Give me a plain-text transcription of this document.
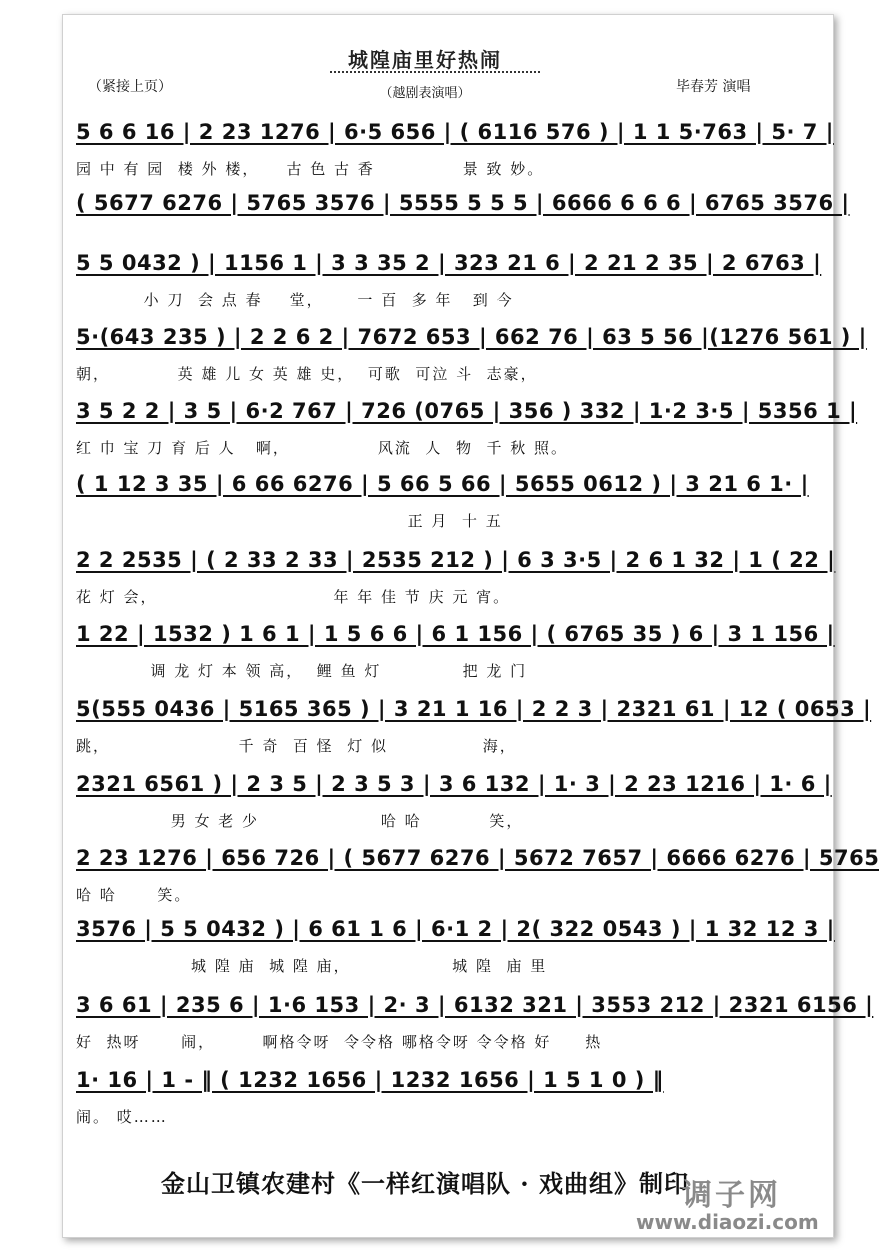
城隍庙里好热闹
（越剧表演唱）
（紧接上页）	毕春芳 演唱
5 6 6 16 | 2 23 1276 | 6·5 656 | ( 6116 576 ) | 1 1 5·763 | 5· 7 |
园 中 有 园  楼 外 楼，    古 色 古 香             景 致 妙。
( 5677 6276 | 5765 3576 | 5555 5 5 5 | 6666 6 6 6 | 6765 3576 |
5 5 0432 ) | 1156 1 | 3 3 35 2 | 323 21 6 | 2 21 2 35 | 2 6763 |
小 刀  会 点 春    堂，     一 百  多 年   到 今
5·(643 235 ) | 2 2 6 2 | 7672 653 | 662 76 | 63 5 56 |(1276 561 ) |
朝，          英 雄 儿 女 英 雄 史，  可歌  可泣 斗  志豪，
3 5 2 2 | 3 5 | 6·2 767 | 726 (0765 | 356 ) 332 | 1·2 3·5 | 5356 1 |
红 巾 宝 刀 育 后 人   啊，             风流  人  物  千 秋 照。
( 1 12 3 35 | 6 66 6276 | 5 66 5 66 | 5655 0612 ) | 3 21 6 1· |
正 月  十 五
2 2 2535 | ( 2 33 2 33 | 2535 212 ) | 6 3 3·5 | 2 6 1 32 | 1 ( 22 |
花 灯 会，                          年 年 佳 节 庆 元 宵。
1 22 | 1532 ) 1 6 1 | 1 5 6 6 | 6 1 156 | ( 6765 35 ) 6 | 3 1 156 |
调 龙 灯 本 领 高，  鲤 鱼 灯            把 龙 门
5(555 0436 | 5165 365 ) | 3 21 1 16 | 2 2 3 | 2321 61 | 12 ( 0653 |
跳，                   千 奇  百 怪  灯 似              海，
2321 6561 ) | 2 3 5 | 2 3 5 3 | 3 6 132 | 1· 3 | 2 23 1216 | 1· 6 |
男 女 老 少                  哈 哈          笑，
2 23 1276 | 656 726 | ( 5677 6276 | 5672 7657 | 6666 6276 | 5765
哈 哈      笑。
3576 | 5 5 0432 ) | 6 61 1 6 | 6·1 2 | 2( 322 0543 ) | 1 32 12 3 |
城 隍 庙  城 隍 庙，               城 隍  庙 里
3 6 61 | 235 6 | 1·6 153 | 2· 3 | 6132 321 | 3553 212 | 2321 6156 |
好  热呀      闹，       啊格令呀  令令格 哪格令呀 令令格 好     热
1· 16 | 1 - ‖ ( 1232 1656 | 1232 1656 | 1 5 1 0 ) ‖
闹。 哎……
金山卫镇农建村《一样红演唱队 · 戏曲组》制印
调子网
www.diaozi.com
